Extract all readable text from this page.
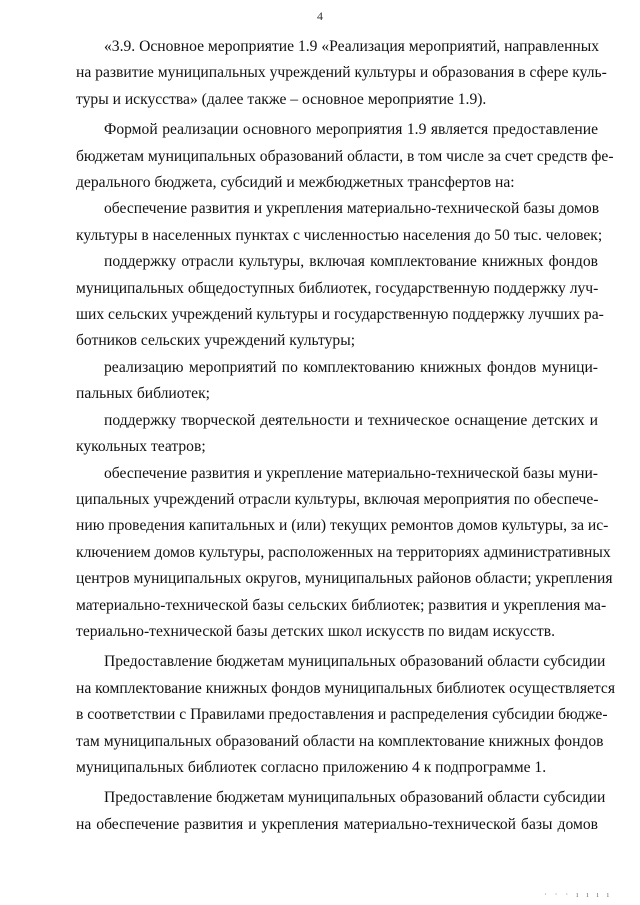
4

«3.9. Основное мероприятие 1.9 «Реализация мероприятий, направленных
на развитие муниципальных учреждений культуры и образования в сфере куль-
туры и искусства» (далее также – основное мероприятие 1.9).

Формой реализации основного мероприятия 1.9 является предоставление
бюджетам муниципальных образований области, в том числе за счет средств фе-
дерального бюджета, субсидий и межбюджетных трансфертов на:

обеспечение развития и укрепления материально-технической базы домов
культуры в населенных пунктах с численностью населения до 50 тыс. человек;

поддержку отрасли культуры, включая комплектование книжных фондов
муниципальных общедоступных библиотек, государственную поддержку луч-
ших сельских учреждений культуры и государственную поддержку лучших ра-
ботников сельских учреждений культуры;

реализацию мероприятий по комплектованию книжных фондов муници-
пальных библиотек;

поддержку творческой деятельности и техническое оснащение детских и
кукольных театров;

обеспечение развития и укрепление материально-технической базы муни-
ципальных учреждений отрасли культуры, включая мероприятия по обеспече-
нию проведения капитальных и (или) текущих ремонтов домов культуры, за ис-
ключением домов культуры, расположенных на территориях административных
центров муниципальных округов, муниципальных районов области; укрепления
материально-технической базы сельских библиотек; развития и укрепления ма-
териально-технической базы детских школ искусств по видам искусств.

Предоставление бюджетам муниципальных образований области субсидии
на комплектование книжных фондов муниципальных библиотек осуществляется
в соответствии с Правилами предоставления и распределения субсидии бюдже-
там муниципальных образований области на комплектование книжных фондов
муниципальных библиотек согласно приложению 4 к подпрограмме 1.

Предоставление бюджетам муниципальных образований области субсидии
на обеспечение развития и укрепления материально-технической базы домов

· · · ı ı ı ı
